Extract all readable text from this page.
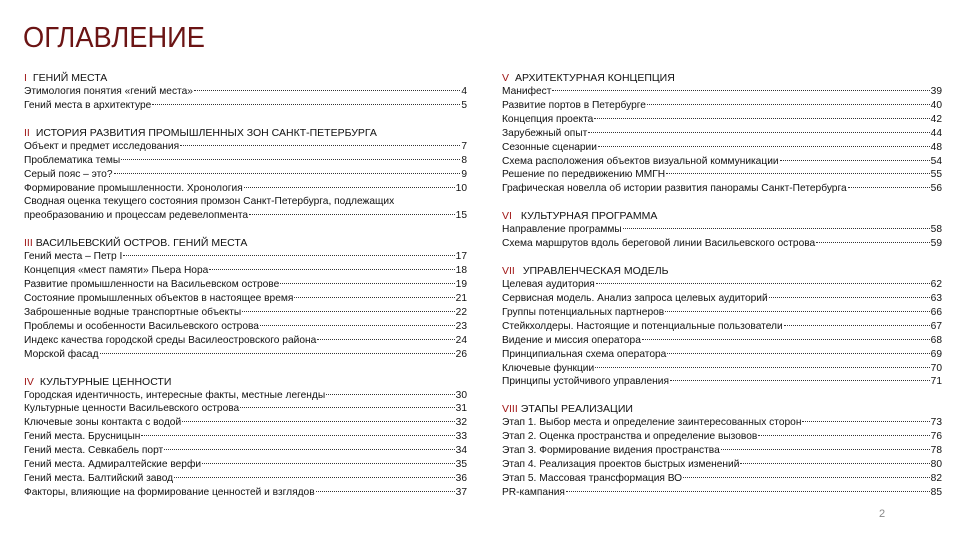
ОГЛАВЛЕНИЕ
I ГЕНИЙ МЕСТА
Этимология понятия «гений места»	4
Гений места в архитектуре	5
II ИСТОРИЯ РАЗВИТИЯ ПРОМЫШЛЕННЫХ ЗОН САНКТ-ПЕТЕРБУРГА
Объект и предмет исследования	7
Проблематика темы	8
Серый пояс – это?	9
Формирование промышленности. Хронология	10
Сводная оценка текущего состояния промзон Санкт-Петербурга, подлежащих
преобразованию и процессам редевелопмента	15
III ВАСИЛЬЕВСКИЙ ОСТРОВ. ГЕНИЙ МЕСТА
Гений места – Петр I	17
Концепция «мест памяти» Пьера Нора	18
Развитие промышленности на Васильевском острове	19
Состояние промышленных объектов в настоящее время	21
Заброшенные водные транспортные объекты	22
Проблемы и особенности Васильевского острова	23
Индекс качества городской среды Василеостровского района	24
Морской фасад	26
IV КУЛЬТУРНЫЕ ЦЕННОСТИ
Городская идентичность, интересные факты, местные легенды	30
Культурные ценности Васильевского острова	31
Ключевые зоны контакта с водой	32
Гений места. Брусницын	33
Гений места. Севкабель порт	34
Гений места. Адмиралтейские верфи	35
Гений места. Балтийский завод	36
Факторы, влияющие на формирование ценностей и взглядов	37
V АРХИТЕКТУРНАЯ КОНЦЕПЦИЯ
Манифест	39
Развитие портов в Петербурге	40
Концепция проекта	42
Зарубежный опыт	44
Сезонные сценарии	48
Схема расположения объектов визуальной коммуникации	54
Решение по передвижению ММГН	55
Графическая новелла об истории развития панорамы Санкт-Петербурга	56
VI КУЛЬТУРНАЯ ПРОГРАММА
Направление программы	58
Схема маршрутов вдоль береговой линии Васильевского острова	59
VII УПРАВЛЕНЧЕСКАЯ МОДЕЛЬ
Целевая аудитория	62
Сервисная модель. Анализ запроса целевых аудиторий	63
Группы потенциальных партнеров	66
Стейкхолдеры. Настоящие и потенциальные пользователи	67
Видение и миссия оператора	68
Принципиальная схема оператора	69
Ключевые функции	70
Принципы устойчивого управления	71
VIII ЭТАПЫ РЕАЛИЗАЦИИ
Этап 1. Выбор места и определение заинтересованных сторон	73
Этап 2. Оценка пространства и определение вызовов	76
Этап 3. Формирование видения пространства	78
Этап 4. Реализация проектов быстрых изменений	80
Этап 5. Массовая трансформация ВО	82
PR-кампания	85
2
